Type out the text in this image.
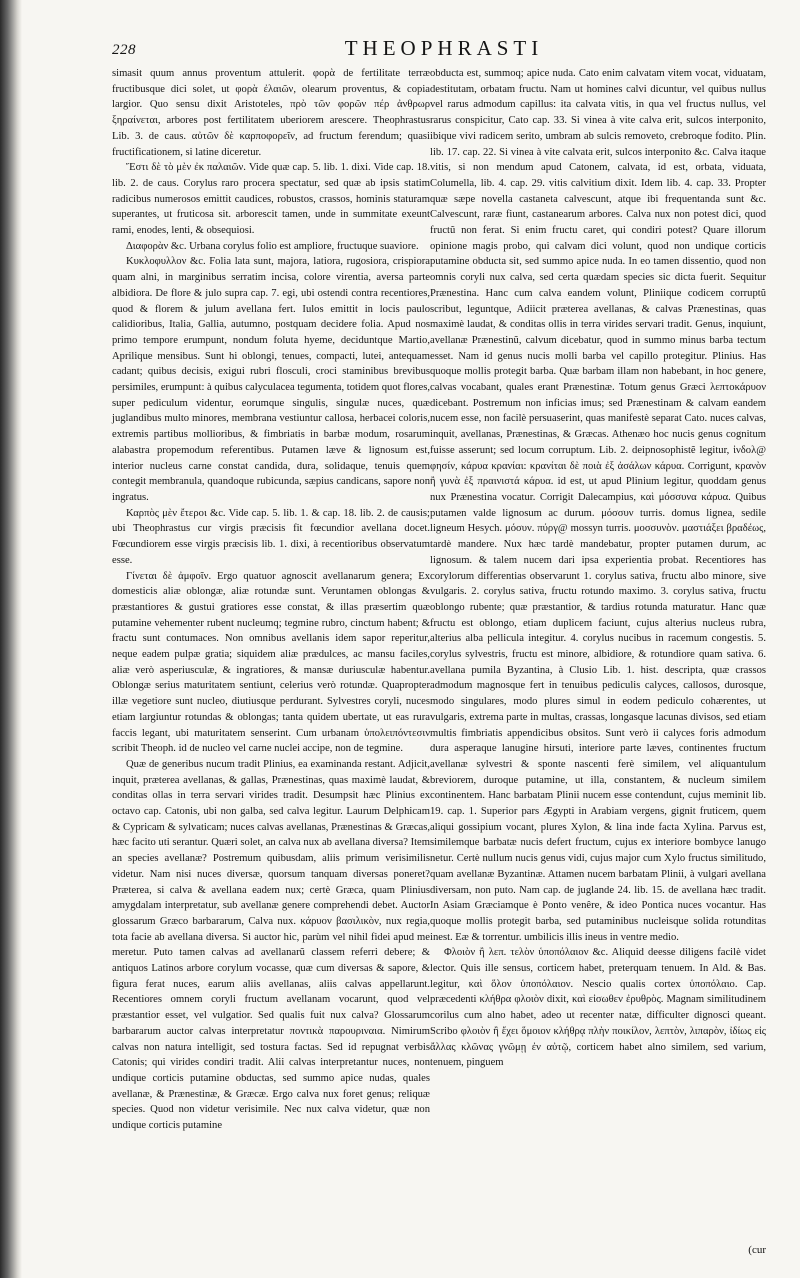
228	THEOPHRASTI

simasit quum annus proventum attulerit. φορὰ de fertilitate terræ fructibusque dici solet, ut φορὰ ἐλαιῶν, olearum proventus, & copia largior. Quo sensu dixit Aristoteles, πρὸ τῶν φορῶν πέρ ἀνθρωρ ξηραίνεται, arbores post fertilitatem uberiorem arescere. Theophrastus Lib. 3. de caus. αὐτῶν δὲ καρποφορεῖν, ad fructum ferendum; quasi fructificationem, si latine diceretur.

Ἔστι δὲ τὸ μὲν ἐκ παλαιῶν. Vide quæ cap. 5. lib. 1. dixi. Vide cap. 18. lib. 2. de caus. Corylus raro procera spectatur, sed quæ ab ipsis statim radicibus numerosos emittit caudices, robustos, crassos, hominis staturam superantes, ut fruticosa sit. arborescit tamen, unde in summitate exeunt rami, enodes, lenti, & obsequiosi.

Διαφορὰν &c. Urbana corylus folio est ampliore, fructuque suaviore.

Κυκλοφυλλον &c. Folia lata sunt, majora, latiora, rugosiora, crispiora quam alni, in marginibus serratim incisa, colore virentia, aversa parte albidiora. De flore & julo supra cap. 7. egi, ubi ostendi contra recentiores, quod & florem & julum avellana fert. Iulos emittit in locis paulo calidioribus, Italia, Gallia, autumno, postquam decidere folia. Apud nos primo tempore erumpunt, nondum foluta hyeme, deciduntque Martio, Aprilique mensibus. Sunt hi oblongi, tenues, compacti, lutei, antequam cadant; quibus decisis, exigui rubri flosculi, croci staminibus brevibus persimiles, erumpunt: à quibus calyculacea tegumenta, totidem quot flores, super pediculum videntur, eorumque singulis, singulæ nuces, quæ juglandibus multo minores, membrana vestiuntur callosa, herbacei coloris, extremis partibus mollioribus, & fimbriatis in barbæ modum, rosarum alabastra propemodum referentibus. Putamen læve & lignosum est, interior nucleus carne constat candida, dura, solidaque, tenuis quem contegit membranula, quandoque rubicunda, sæpius candicans, sapore non ingratus.

Καρπὸς μὲν ἔτεροι &c. Vide cap. 5. lib. 1. & cap. 18. lib. 2. de causis; ubi Theophrastus cur virgis præcisis fit fœcundior avellana docet. Fœcundiorem esse virgis præcisis lib. 1. dixi, à recentioribus observatum esse.

Γίνεται δὲ ἀμφοῖν. Ergo quatuor agnoscit avellanarum genera; Ex domesticis aliæ oblongæ, aliæ rotundæ sunt. Veruntamen oblongas & præstantiores & gustui gratiores esse constat, & illas præsertim quæ putamine vehementer rubent nucleumq; tegmine rubro, cinctum habent; & fractu sunt contumaces. Non omnibus avellanis idem sapor reperitur, neque eadem pulpæ gratia; siquidem aliæ prædulces, ac mansu faciles, aliæ verò asperiusculæ, & ingratiores, & mansæ duriusculæ habentur. Oblongæ serius maturitatem sentiunt, celerius verò rotundæ. Quapropter illæ vegetiore sunt nucleo, diutiusque perdurant. Sylvestres coryli, nuces etiam largiuntur rotundas & oblongas; tanta quidem ubertate, ut eas rura faccis legant, ubi maturitatem senserint. Cum urbanam ὑπολειπόντεσιν scribit Theoph. id de nucleo vel carne nuclei accipe, non de tegmine.

Quæ de generibus nucum tradit Plinius, ea examinanda restant. Adjicit, inquit, præterea avellanas, & gallas, Prænestinas, quas maximè laudat, & conditas ollas in terra servari virides tradit. Desumpsit hæc Plinius ex octavo cap. Catonis, ubi non galba, sed calva legitur. Laurum Delphicam & Cypricam & sylvaticam; nuces calvas avellanas, Prænestinas & Græcas, hæc facito uti serantur. Quæri solet, an calva nux ab avellana diversa? Item an species avellanæ? Postremum quibusdam, aliis primum verisimilis videtur. Nam nisi nuces diversæ, quorsum tanquam diversas poneret? Præterea, si calva & avellana eadem nux; certè Græca, quam Plinius amygdalam interpretatur, sub avellanæ genere comprehendi debet. Auctor glossarum Græco barbararum, Calva nux. κάρυον βασιλικὸν, nux regia, tota facie ab avellana diversa. Si auctor hic, parùm vel nihil fidei apud me meretur. Puto tamen calvas ad avellanarũ classem referri debere; & antiquos Latinos arbore corylum vocasse, quæ cum diversas & sapore, & figura ferat nuces, earum aliis avellanas, aliis calvas appellarunt. Recentiores omnem coryli fructum avellanam vocarunt, quod vel præstantior esset, vel vulgatior. Sed qualis fuit nux calva? Glossarum barbararum auctor calvas interpretatur ποντικὰ παρουριναια. Nimirum calvas non natura intelligit, sed tostura factas. Sed id repugnat verbis Catonis; qui virides condiri tradit. Alii calvas interpretantur nuces, non undique corticis putamine obductas, sed summo apice nudas, quales avellanæ, & Prænestinæ, & Græcæ. Ergo calva nux foret genus; reliquæ species. Quod non videtur verisimile. Nec nux calva videtur, quæ non undique corticis putamine

obducta est, summoq; apice nuda. Cato enim calvatam vitem vocat, viduatam, destitutam, orbatam fructu. Nam ut homines calvi dicuntur, vel quibus nullus vel rarus admodum capillus: ita calvata vitis, in qua vel fructus nullus, vel rarus conspicitur, Cato cap. 33. Si vinea à vite calva erit, sulcos interponito, ibique vivi radicem serito, umbram ab sulcis removeto, crebroque fodito. Plin. lib. 17. cap. 22. Si vinea à vite calvata erit, sulcos interponito &c. Calva itaque vitis, si non mendum apud Catonem, calvata, id est, orbata, viduata, Columella, lib. 4. cap. 29. vitis calvitium dixit. Idem lib. 4. cap. 33. Propter quæ sæpe novella castaneta calvescunt, atque ibi frequentanda sunt &c. Calvescunt, raræ fiunt, castanearum arbores. Calva nux non potest dici, quod fructũ non ferat. Si enim fructu caret, qui condiri potest? Quare illorum opinione magis probo, qui calvam dici volunt, quod non undique corticis putamine obducta sit, sed summo apice nuda. In eo tamen dissentio, quod non omnis coryli nux calva, sed certa quædam species sic dicta fuerit. Sequitur Prænestina. Hanc cum calva eandem volunt, Pliniique codicem corruptũ scribut, leguntque, Adiicit præterea avellanas, & calvas Prænestinas, quas maximè laudat, & conditas ollis in terra virides servari tradit. Genus, inquiunt, avellanæ Prænestinũ, calvum dicebatur, quod in summo minus barba tectum esset. Nam id genus nucis molli barba vel capillo protegitur. Plinius. Has quoque mollis protegit barba. Quæ barbam illam non habebant, in hoc genere, calvas vocabant, quales erant Prænestinæ. Totum genus Græci λεπτοκάρυον dicebant. Postremum non inficias imus; sed Prænestinam & calvam eandem nucem esse, non facilè persuaserint, quas manifestè separat Cato. nuces calvas, inquit, avellanas, Prænestinas, & Græcas. Athenæo hoc nucis genus cognitum fuisse asserunt; sed locum corruptum. Lib. 2. deipnosophistẽ legitur, ἰνδολ@ φησίν, κάρυα κρανίαι: κρανίται δὲ ποιὰ ἐξ ἀσάλων κάρυα. Corrigunt, κρανὸν ἢ γυνὰ ἐξ πραινιστά κάρυα. id est, ut apud Plinium legitur, quoddam genus nux Prænestina vocatur. Corrigit Dalecampius, καὶ μόσσυνα κάρυα. Quibus putamen valde lignosum ac durum. μόσσυν turris. domus lignea, sedile ligneum Hesych. μόσυν. πύργ@ mossyn turris. μοσσυνὸν. μαστιάξει βραδέως, tardè mandere. Nux hæc tardè mandebatur, propter putamen durum, ac lignosum. & talem nucem dari ipsa experientia probat. Recentiores has corylorum differentias observarunt 1. corylus sativa, fructu albo minore, sive vulgaris. 2. corylus sativa, fructu rotundo maximo. 3. corylus sativa, fructu oblongo rubente; quæ præstantior, & tardius rotunda maturatur. Hanc quæ fructu est oblongo, etiam duplicem faciunt, cujus alterius nucleus rubra, alterius alba pellicula integitur. 4. corylus nucibus in racemum congestis. 5. corylus sylvestris, fructu est minore, albidiore, & rotundiore quam sativa. 6. avellana pumila Byzantina, à Clusio Lib. 1. hist. descripta, quæ crassos admodum magnosque fert in tenuibus pediculis calyces, callosos, durosque, modo singulares, modo plures simul in eodem pediculo cohærentes, ut vulgaris, extrema parte in multas, crassas, longasque lacunas divisos, sed etiam multis fimbriatis appendicibus obsitos. Sunt verò ii calyces foris admodum dura asperaque lanugine hirsuti, interiore parte læves, continentes fructum avellanæ sylvestri & sponte nascenti ferè similem, vel aliquantulum breviorem, duroque putamine, ut illa, constantem, & nucleum similem continentem. Hanc barbatam Plinii nucem esse contendunt, cujus meminit lib. 19. cap. 1. Superior pars Ægypti in Arabiam vergens, gignit fruticem, quem aliqui gossipium vocant, plures Xylon, & lina inde facta Xylina. Parvus est, similemque barbatæ nucis defert fructum, cujus ex interiore bombyce lanugo netur. Certè nullum nucis genus vidi, cujus major cum Xylo fructus similitudo, quam avellanæ Byzantinæ. Attamen nucem barbatam Plinii, à vulgari avellana diversam, non puto. Nam cap. de juglande 24. lib. 15. de avellana hæc tradit. In Asiam Græciamque è Ponto venêre, & ideo Pontica nuces vocantur. Has quoque mollis protegit barba, sed putaminibus nucleisque solida rotunditas inest. Eæ & torrentur. umbilicis illis ineus in ventre medio.

Φλοιὸν ἢ λεπ. τελὸν ὑποπόλαιον &c. Aliquid deesse diligens facilè videt lector. Quis ille sensus, corticem habet, preterquam tenuem. In Ald. & Bas. legitur, καὶ ὅλον ὑποπόλαιον. Nescio qualis cortex ὑποπόλαιο. Cap. præcedenti κλήθρα φλοιὸν dixit, καὶ εἰσωθεν ἐρυθρὸς. Magnam similitudinem corilus cum alno habet, adeo ut recenter natæ, difficulter dignosci queant. Scribo φλοιὸν ἢ ἔχει ὅμοιον κλήθρᾳ πλὴν ποικίλον, λεπτὸν, λιπαρὸν, ἰδίως εἰς ἄλλας κλῶνας γνῶμῃ ἐν αὐτῷ, corticem habet alno similem, sed varium, tenuem, pinguem

(cur
